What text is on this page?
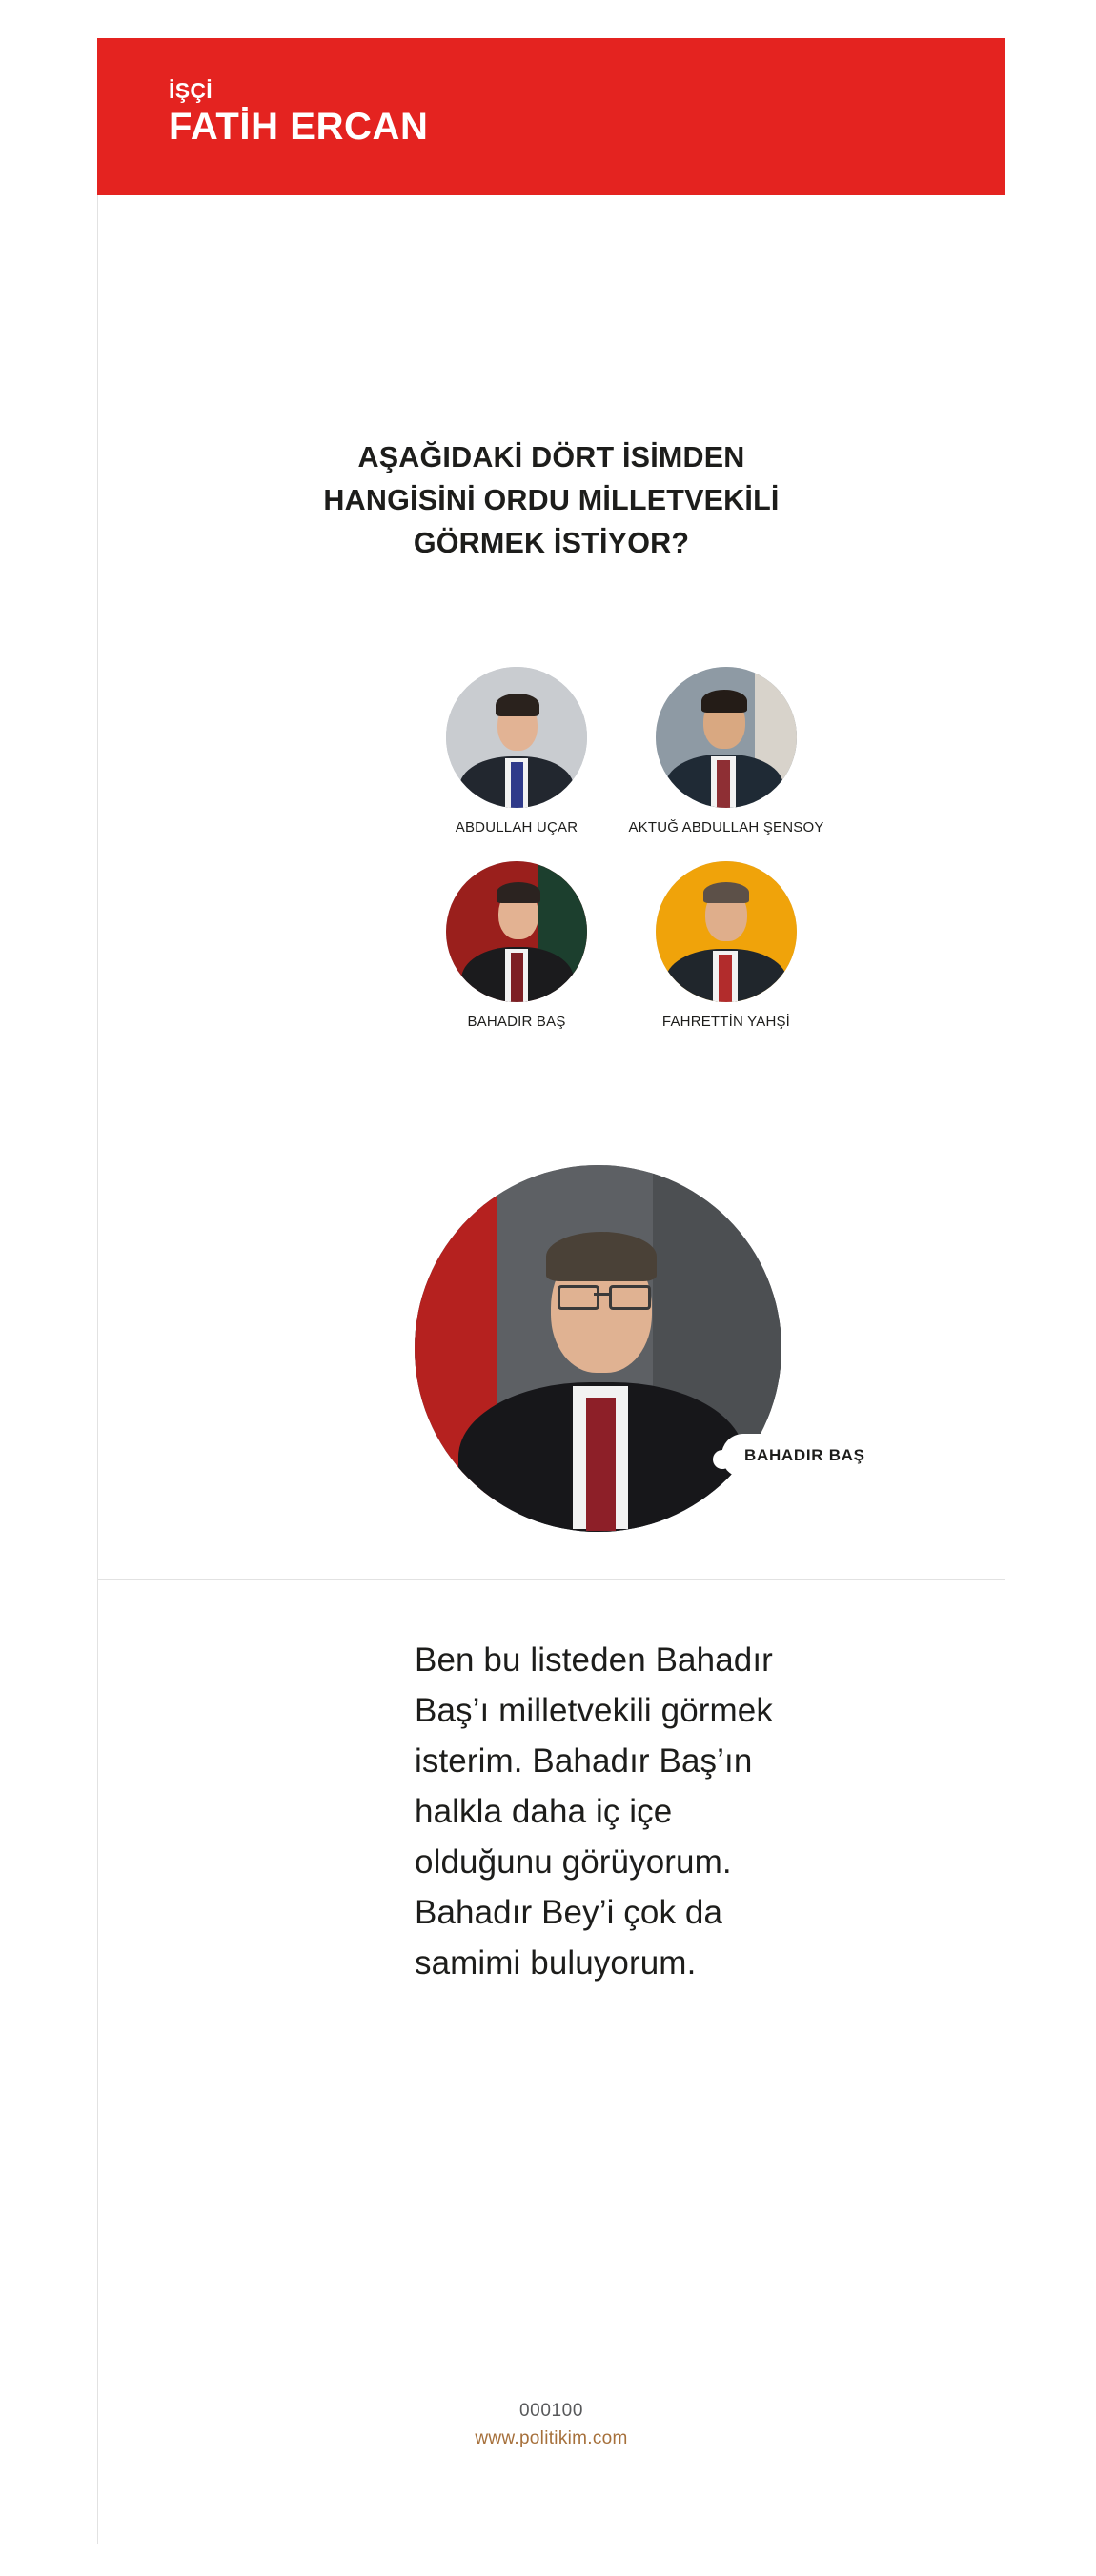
İŞÇİ
FATİH ERCAN
AŞAĞIDAKİ DÖRT İSİMDEN
HANGİSİNİ ORDU MİLLETVEKİLİ
GÖRMEK İSTİYOR?
ABDULLAH UÇAR	AKTUĞ ABDULLAH ŞENSOY
BAHADIR BAŞ	FAHRETTİN YAHŞİ
BAHADIR BAŞ
Ben bu listeden Bahadır Baş’ı milletvekili görmek isterim. Bahadır Baş’ın halkla daha iç içe olduğunu görüyorum. Bahadır Bey’i çok da samimi buluyorum.
000100
www.politikim.com
